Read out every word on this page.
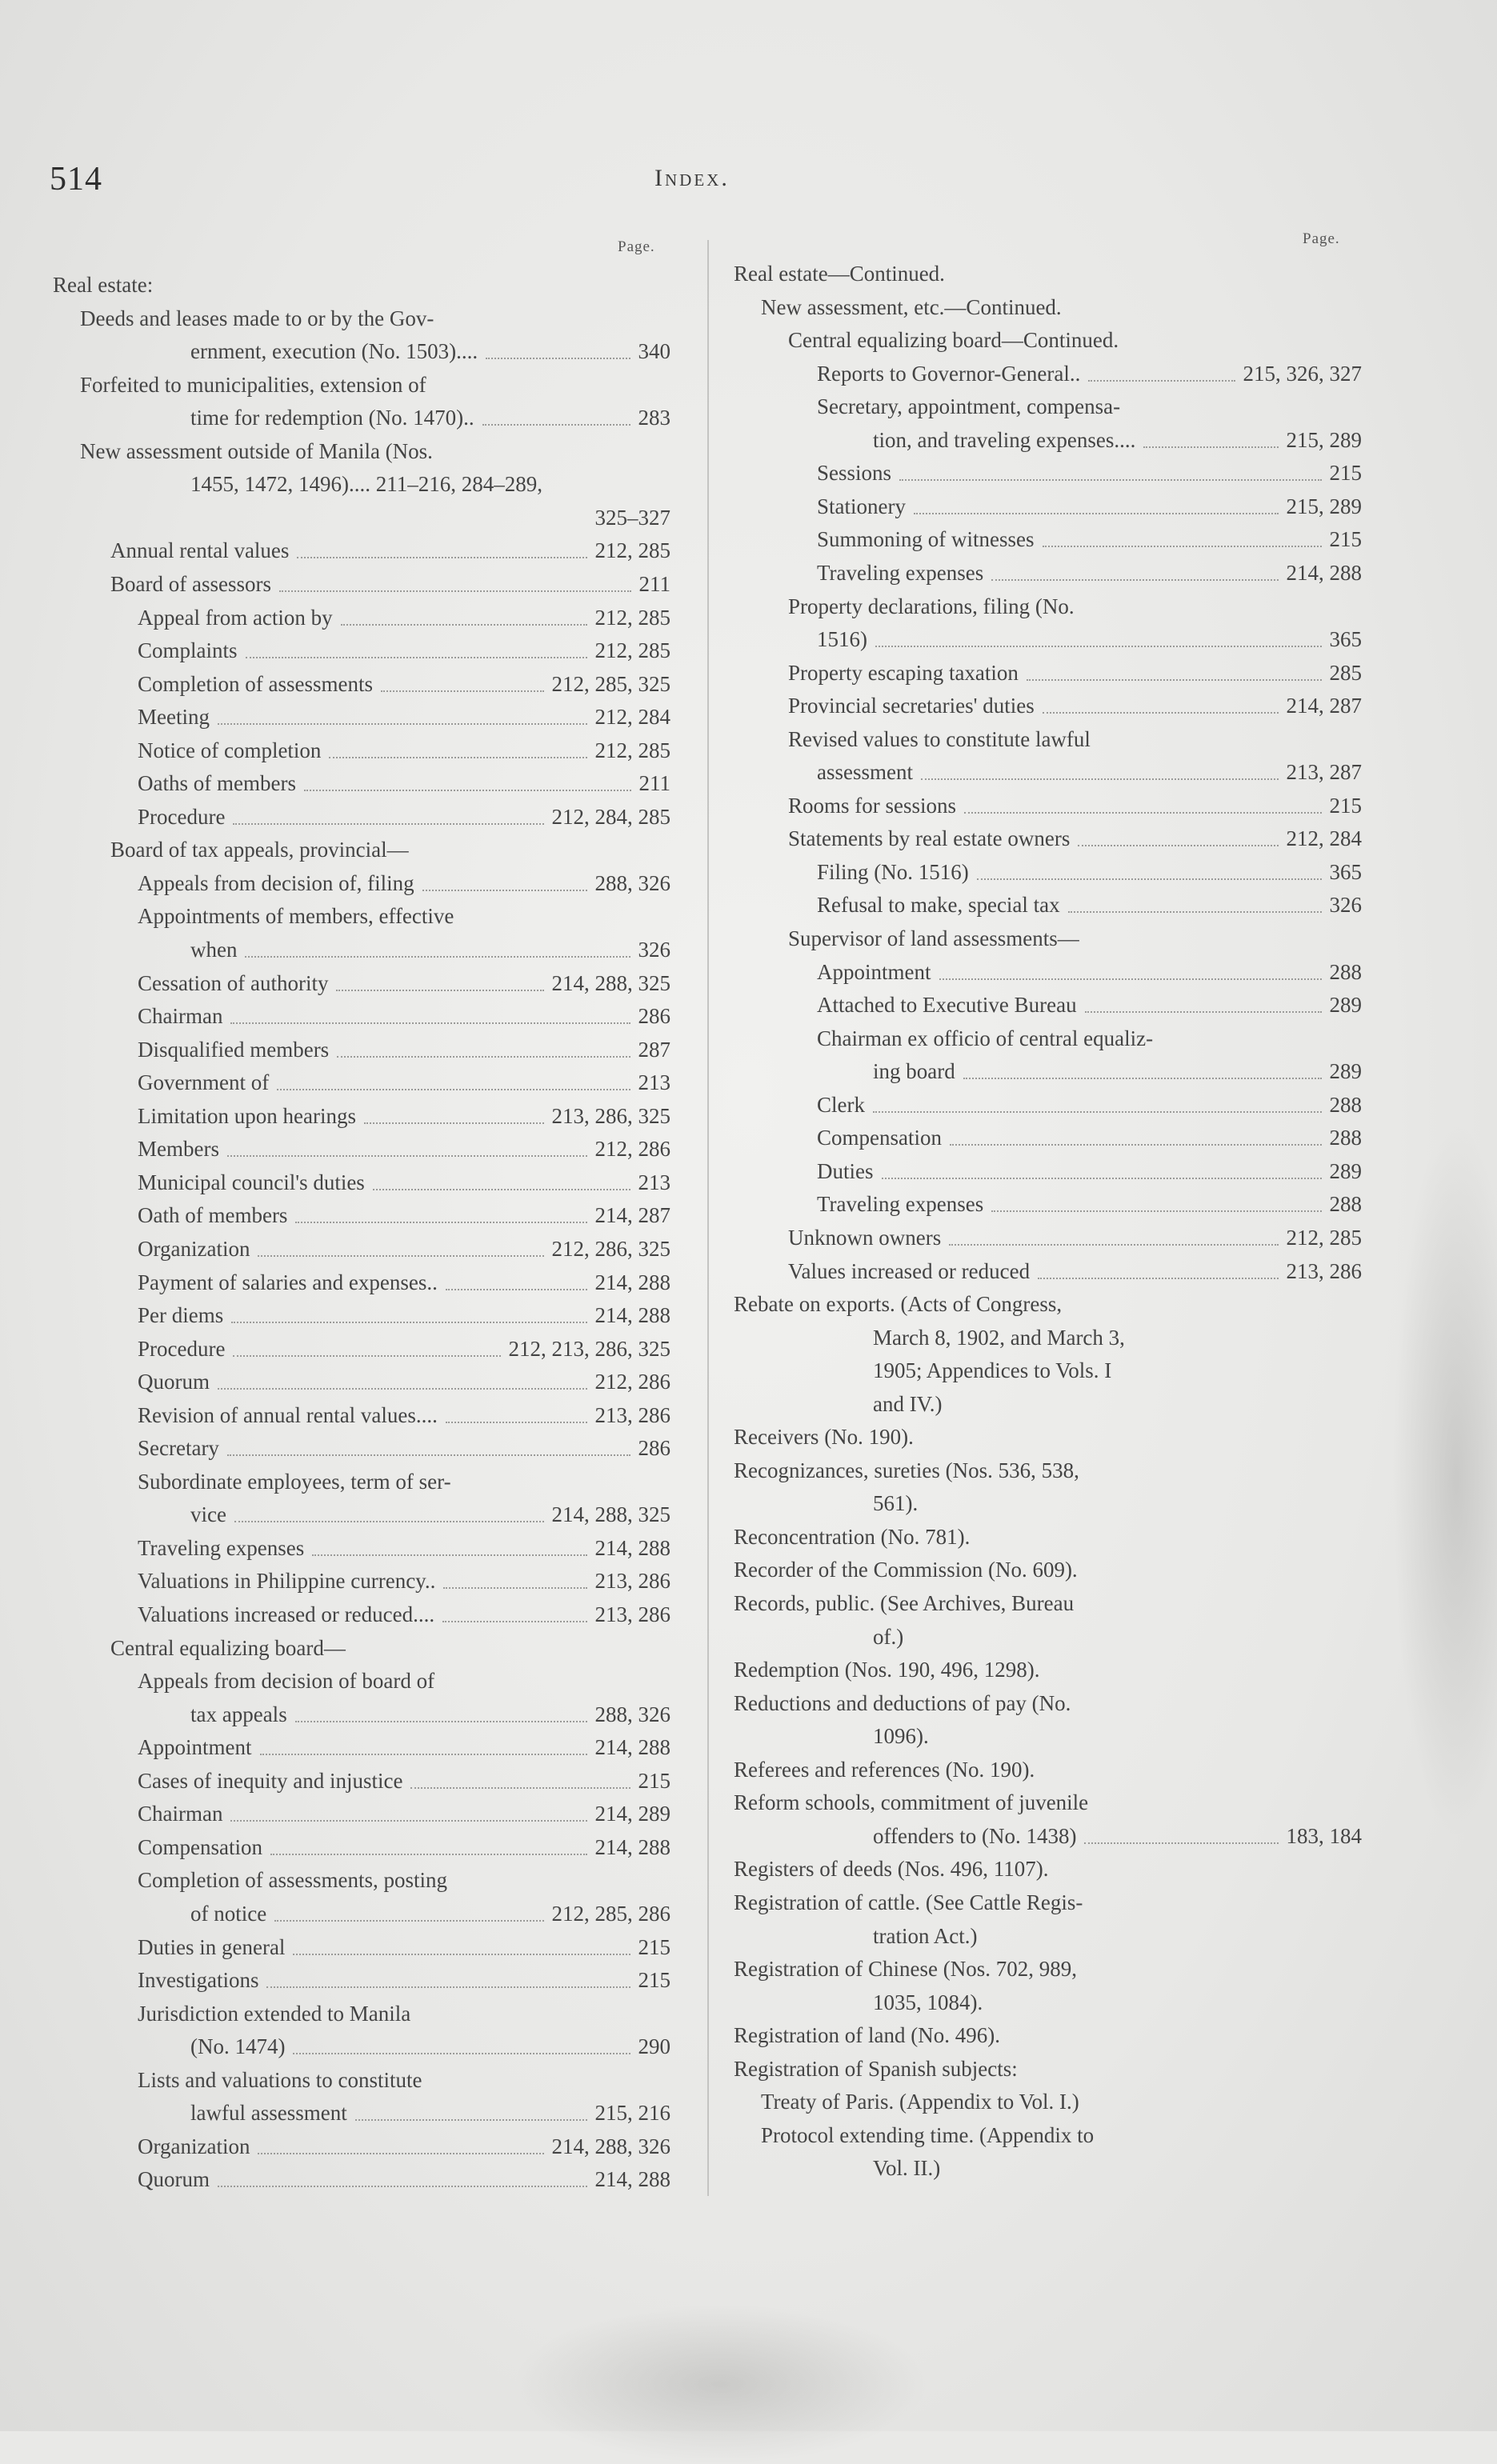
514	Index.
Page.
Real estate:
Deeds and leases made to or by the Gov-
ernment, execution (No. 1503)....	340
Forfeited to municipalities, extension of
time for redemption (No. 1470)..	283
New assessment outside of Manila (Nos.
1455, 1472, 1496).... 211–216, 284–289,
325–327
Annual rental values	212, 285
Board of assessors	211
Appeal from action by	212, 285
Complaints	212, 285
Completion of assessments	212, 285, 325
Meeting	212, 284
Notice of completion	212, 285
Oaths of members	211
Procedure	212, 284, 285
Board of tax appeals, provincial—
Appeals from decision of, filing	288, 326
Appointments of members, effective
when	326
Cessation of authority	214, 288, 325
Chairman	286
Disqualified members	287
Government of	213
Limitation upon hearings	213, 286, 325
Members	212, 286
Municipal council's duties	213
Oath of members	214, 287
Organization	212, 286, 325
Payment of salaries and expenses..	214, 288
Per diems	214, 288
Procedure	212, 213, 286, 325
Quorum	212, 286
Revision of annual rental values....	213, 286
Secretary	286
Subordinate employees, term of ser-
vice	214, 288, 325
Traveling expenses	214, 288
Valuations in Philippine currency..	213, 286
Valuations increased or reduced....	213, 286
Central equalizing board—
Appeals from decision of board of
tax appeals	288, 326
Appointment	214, 288
Cases of inequity and injustice	215
Chairman	214, 289
Compensation	214, 288
Completion of assessments, posting
of notice	212, 285, 286
Duties in general	215
Investigations	215
Jurisdiction extended to Manila
(No. 1474)	290
Lists and valuations to constitute
lawful assessment	215, 216
Organization	214, 288, 326
Quorum	214, 288
Page.
Real estate—Continued.
New assessment, etc.—Continued.
Central equalizing board—Continued.
Reports to Governor-General..	215, 326, 327
Secretary, appointment, compensa-
tion, and traveling expenses....	215, 289
Sessions	215
Stationery	215, 289
Summoning of witnesses	215
Traveling expenses	214, 288
Property declarations, filing (No.
1516)	365
Property escaping taxation	285
Provincial secretaries' duties	214, 287
Revised values to constitute lawful
assessment	213, 287
Rooms for sessions	215
Statements by real estate owners	212, 284
Filing (No. 1516)	365
Refusal to make, special tax	326
Supervisor of land assessments—
Appointment	288
Attached to Executive Bureau	289
Chairman ex officio of central equaliz-
ing board	289
Clerk	288
Compensation	288
Duties	289
Traveling expenses	288
Unknown owners	212, 285
Values increased or reduced	213, 286
Rebate on exports. (Acts of Congress,
March 8, 1902, and March 3,
1905; Appendices to Vols. I
and IV.)
Receivers (No. 190).
Recognizances, sureties (Nos. 536, 538,
561).
Reconcentration (No. 781).
Recorder of the Commission (No. 609).
Records, public. (See Archives, Bureau
of.)
Redemption (Nos. 190, 496, 1298).
Reductions and deductions of pay (No.
1096).
Referees and references (No. 190).
Reform schools, commitment of juvenile
offenders to (No. 1438)	183, 184
Registers of deeds (Nos. 496, 1107).
Registration of cattle. (See Cattle Regis-
tration Act.)
Registration of Chinese (Nos. 702, 989,
1035, 1084).
Registration of land (No. 496).
Registration of Spanish subjects:
Treaty of Paris. (Appendix to Vol. I.)
Protocol extending time. (Appendix to
Vol. II.)
